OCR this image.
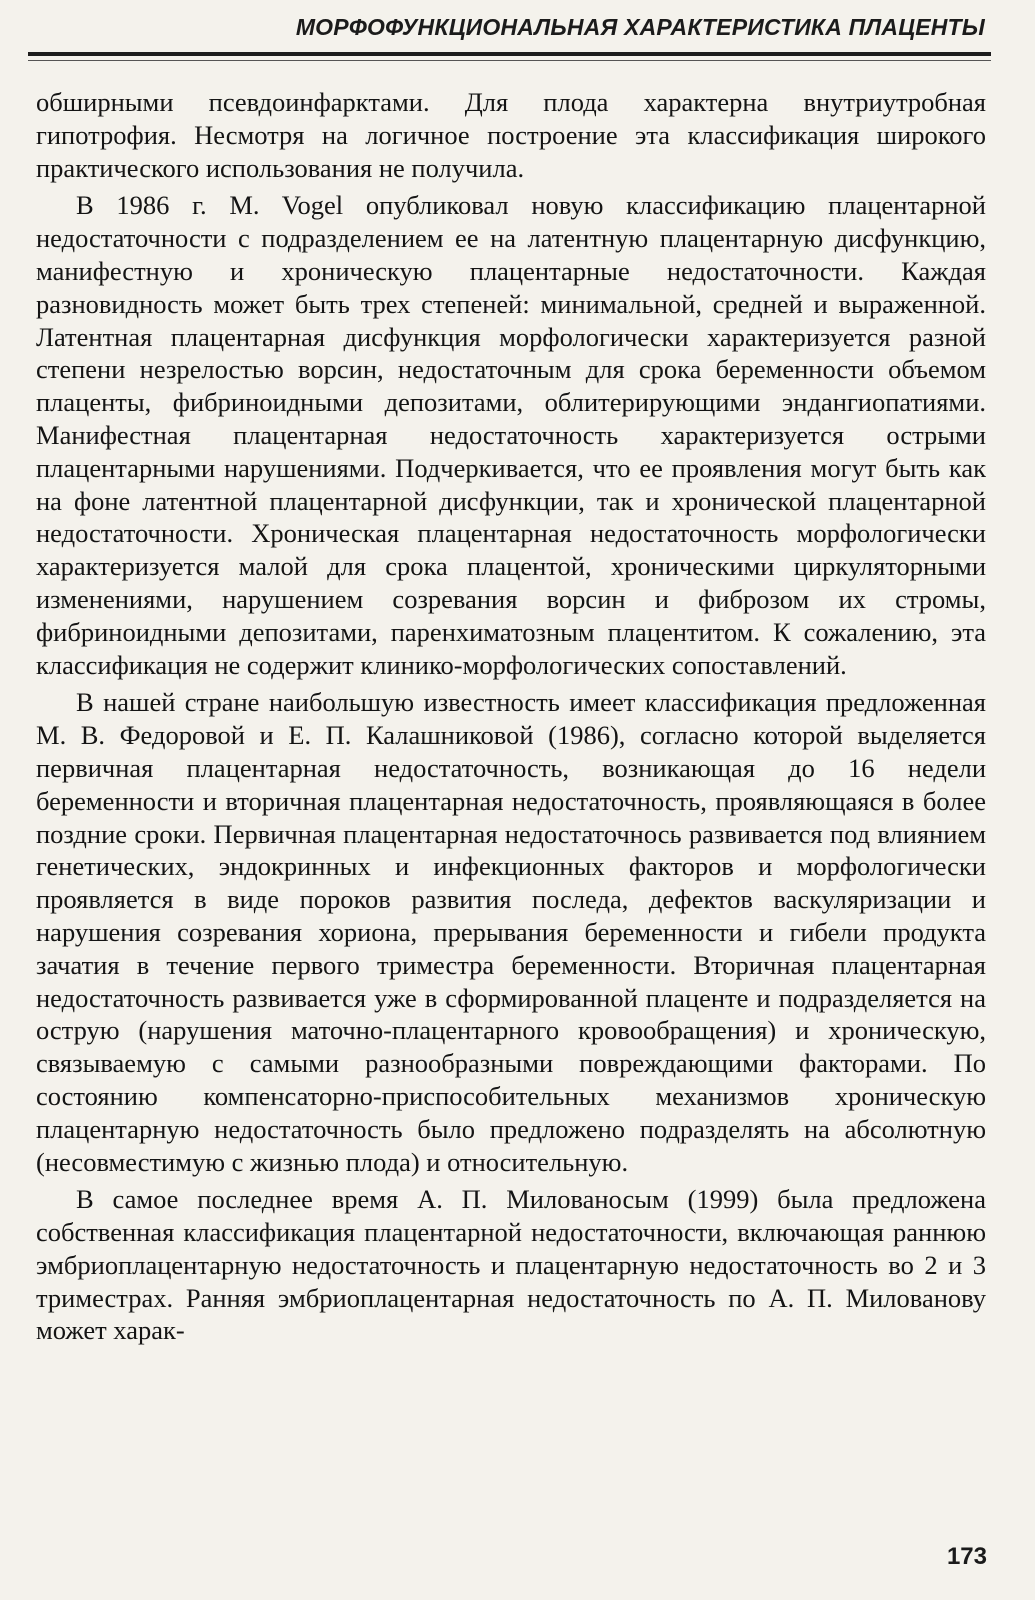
МОРФОФУНКЦИОНАЛЬНАЯ ХАРАКТЕРИСТИКА ПЛАЦЕНТЫ

обширными псевдоинфарктами. Для плода характерна внутриутробная гипотрофия. Несмотря на логичное построение эта классификация широкого практического использования не получила.

В 1986 г. M. Vogel опубликовал новую классификацию плацентарной недостаточности с подразделением ее на латентную плацентарную дисфункцию, манифестную и хроническую плацентарные недостаточности. Каждая разновидность может быть трех степеней: минимальной, средней и выраженной. Латентная плацентарная дисфункция морфологически характеризуется разной степени незрелостью ворсин, недостаточным для срока беременности объемом плаценты, фибриноидными депозитами, облитерирующими эндангиопатиями. Манифестная плацентарная недостаточность характеризуется острыми плацентарными нарушениями. Подчеркивается, что ее проявления могут быть как на фоне латентной плацентарной дисфункции, так и хронической плацентарной недостаточности. Хроническая плацентарная недостаточность морфологически характеризуется малой для срока плацентой, хроническими циркуляторными изменениями, нарушением созревания ворсин и фиброзом их стромы, фибриноидными депозитами, паренхиматозным плацентитом. К сожалению, эта классификация не содержит клинико-морфологических сопоставлений.

В нашей стране наибольшую известность имеет классификация предложенная М. В. Федоровой и Е. П. Калашниковой (1986), согласно которой выделяется первичная плацентарная недостаточность, возникающая до 16 недели беременности и вторичная плацентарная недостаточность, проявляющаяся в более поздние сроки. Первичная плацентарная недостаточнось развивается под влиянием генетических, эндокринных и инфекционных факторов и морфологически проявляется в виде пороков развития последа, дефектов васкуляризации и нарушения созревания хориона, прерывания беременности и гибели продукта зачатия в течение первого триместра беременности. Вторичная плацентарная недостаточность развивается уже в сформированной плаценте и подразделяется на острую (нарушения маточно-плацентарного кровообращения) и хроническую, связываемую с самыми разнообразными повреждающими факторами. По состоянию компенсаторно-приспособительных механизмов хроническую плацентарную недостаточность было предложено подразделять на абсолютную (несовместимую с жизнью плода) и относительную.

В самое последнее время А. П. Милованосым (1999) была предложена собственная классификация плацентарной недостаточности, включающая раннюю эмбриоплацентарную недостаточность и плацентарную недостаточность во 2 и 3 триместрах. Ранняя эмбриоплацентарная недостаточность по А. П. Милованову может харак-

173
